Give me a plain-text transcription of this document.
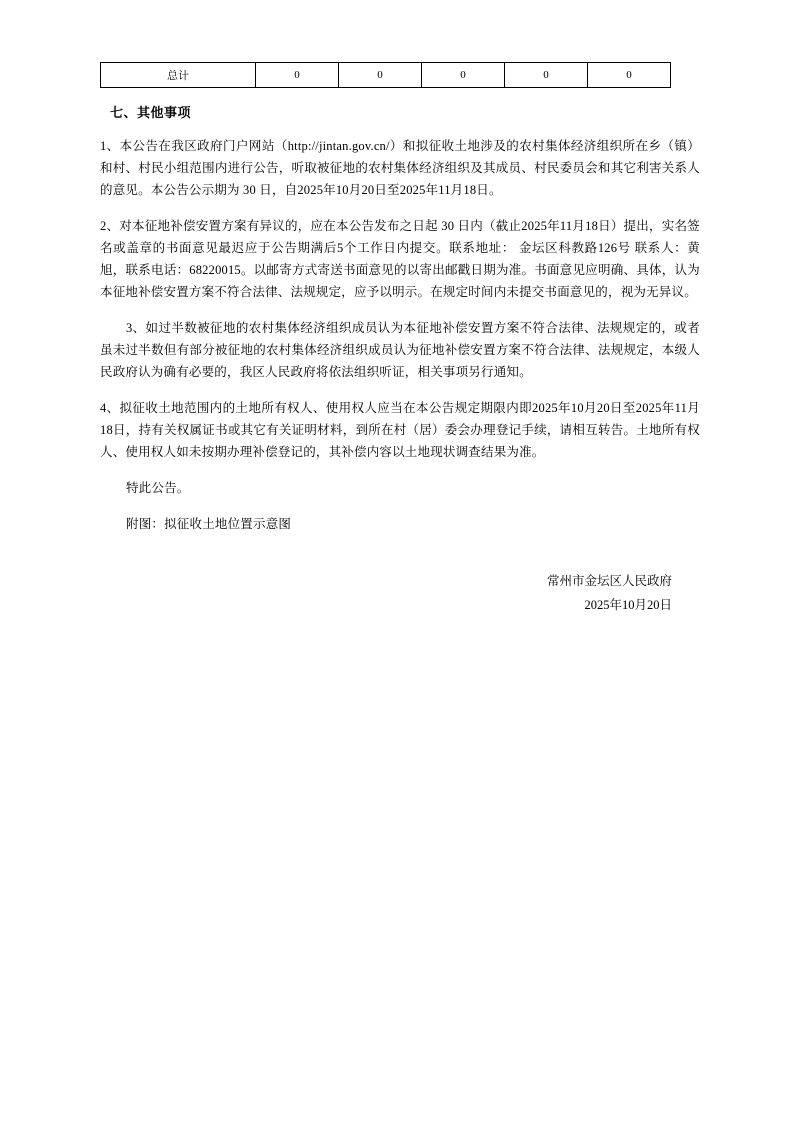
总计	0	0	0	0	0
七、其他事项

1、本公告在我区政府门户网站（http://jintan.gov.cn/）和拟征收土地涉及的农村集体经济组织所在乡（镇）和村、村民小组范围内进行公告，听取被征地的农村集体经济组织及其成员、村民委员会和其它利害关系人的意见。本公告公示期为 30 日，自2025年10月20日至2025年11月18日。

2、对本征地补偿安置方案有异议的，应在本公告发布之日起 30 日内（截止2025年11月18日）提出，实名签名或盖章的书面意见最迟应于公告期满后5个工作日内提交。联系地址： 金坛区科教路126号 联系人：黄旭，联系电话：68220015。以邮寄方式寄送书面意见的以寄出邮戳日期为准。书面意见应明确、具体，认为本征地补偿安置方案不符合法律、法规规定，应予以明示。在规定时间内未提交书面意见的，视为无异议。

3、如过半数被征地的农村集体经济组织成员认为本征地补偿安置方案不符合法律、法规规定的，或者虽未过半数但有部分被征地的农村集体经济组织成员认为征地补偿安置方案不符合法律、法规规定，本级人民政府认为确有必要的，我区人民政府将依法组织听证，相关事项另行通知。

4、拟征收土地范围内的土地所有权人、使用权人应当在本公告规定期限内即2025年10月20日至2025年11月18日，持有关权属证书或其它有关证明材料，到所在村（居）委会办理登记手续，请相互转告。土地所有权人、使用权人如未按期办理补偿登记的，其补偿内容以土地现状调查结果为准。

特此公告。

附图：拟征收土地位置示意图

常州市金坛区人民政府
2025年10月20日
